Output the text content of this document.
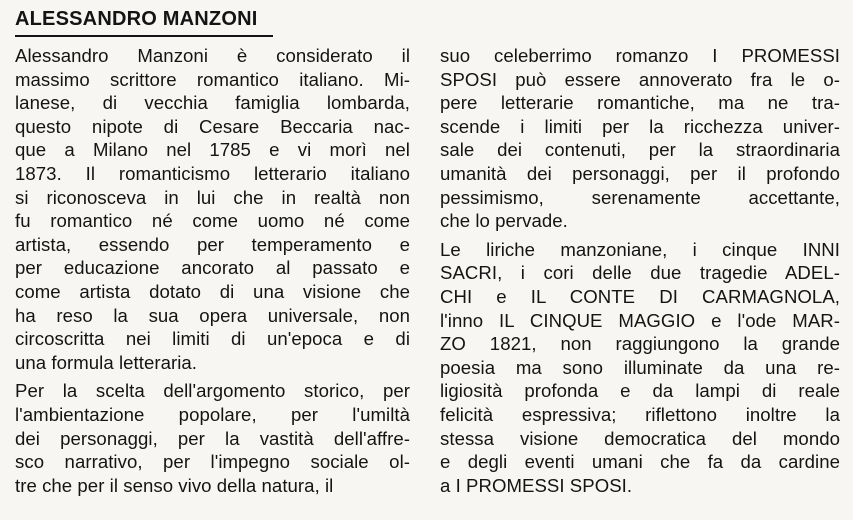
ALESSANDRO MANZONI

Alessandro Manzoni è considerato il
massimo scrittore romantico italiano. Mi-
lanese, di vecchia famiglia lombarda,
questo nipote di Cesare Beccaria nac-
que a Milano nel 1785 e vi morì nel
1873. Il romanticismo letterario italiano
si riconosceva in lui che in realtà non
fu romantico né come uomo né come
artista, essendo per temperamento e
per educazione ancorato al passato e
come artista dotato di una visione che
ha reso la sua opera universale, non
circoscritta nei limiti di un'epoca e di
una formula letteraria.

Per la scelta dell'argomento storico, per
l'ambientazione popolare, per l'umiltà
dei personaggi, per la vastità dell'affre-
sco narrativo, per l'impegno sociale ol-
tre che per il senso vivo della natura, il

suo celeberrimo romanzo I PROMESSI
SPOSI può essere annoverato fra le o-
pere letterarie romantiche, ma ne tra-
scende i limiti per la ricchezza univer-
sale dei contenuti, per la straordinaria
umanità dei personaggi, per il profondo
pessimismo, serenamente accettante,
che lo pervade.

Le liriche manzoniane, i cinque INNI
SACRI, i cori delle due tragedie ADEL-
CHI e IL CONTE DI CARMAGNOLA,
l'inno IL CINQUE MAGGIO e l'ode MAR-
ZO 1821, non raggiungono la grande
poesia ma sono illuminate da una re-
ligiosità profonda e da lampi di reale
felicità espressiva; riflettono inoltre la
stessa visione democratica del mondo
e degli eventi umani che fa da cardine
a I PROMESSI SPOSI.
